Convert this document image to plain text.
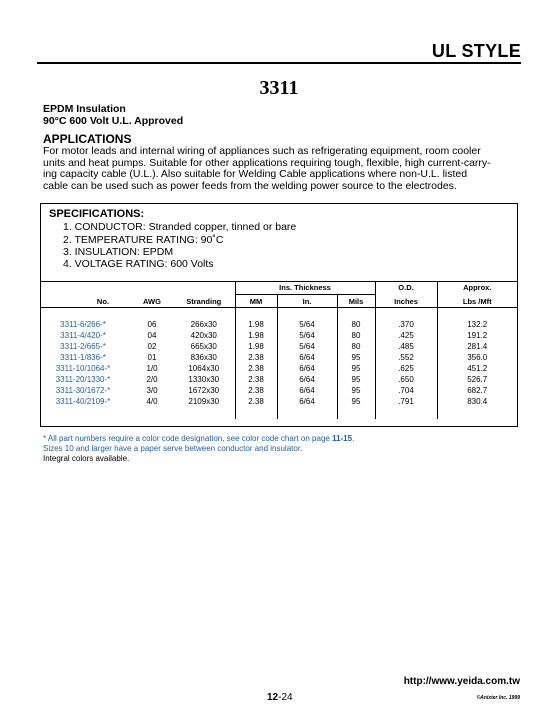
UL STYLE
3311
EPDM Insulation
90°C 600 Volt U.L. Approved
APPLICATIONS
For motor leads and internal wiring of appliances such as refrigerating equipment, room cooler
units and heat pumps. Suitable for other applications requiring tough, flexible, high current-carry-
ing capacity cable (U.L.). Also suitable for Welding Cable applications where non-U.L. listed
cable can be used such as power feeds from the welding power source to the electrodes.
SPECIFICATIONS:
1. CONDUCTOR: Stranded copper, tinned or bare
2. TEMPERATURE RATING: 90˚C
3. INSULATION: EPDM
4. VOLTAGE RATING: 600 Volts
			Ins. Thickness			O.D.	Approx.
No.	AWG	Stranding	MM	In.	Mils	Inches	Lbs /Mft

3311-6/266-*	06	266x30	1.98	5/64	80	.370	132.2
3311-4/420-*	04	420x30	1.98	5/64	80	.425	191.2
3311-2/665-*	02	665x30	1.98	5/64	80	.485	281.4
3311-1/836-*	01	836x30	2.38	6/64	95	.552	356.0
3311-10/1064-*	1/0	1064x30	2.38	6/64	95	.625	451.2
3311-20/1330-*	2/0	1330x30	2.38	6/64	95	.650	526.7
3311-30/1672-*	3/0	1672x30	2.38	6/64	95	.704	682.7
3311-40/2109-*	4/0	2109x30	2.38	6/64	95	.791	830.4

* All part numbers require a color code designation, see color code chart on page 11-15.
Sizes 10 and larger have a paper serve between conductor and insulator.
Integral colors available.
http://www.yeida.com.tw
12-24	©Anixter Inc. 1999
